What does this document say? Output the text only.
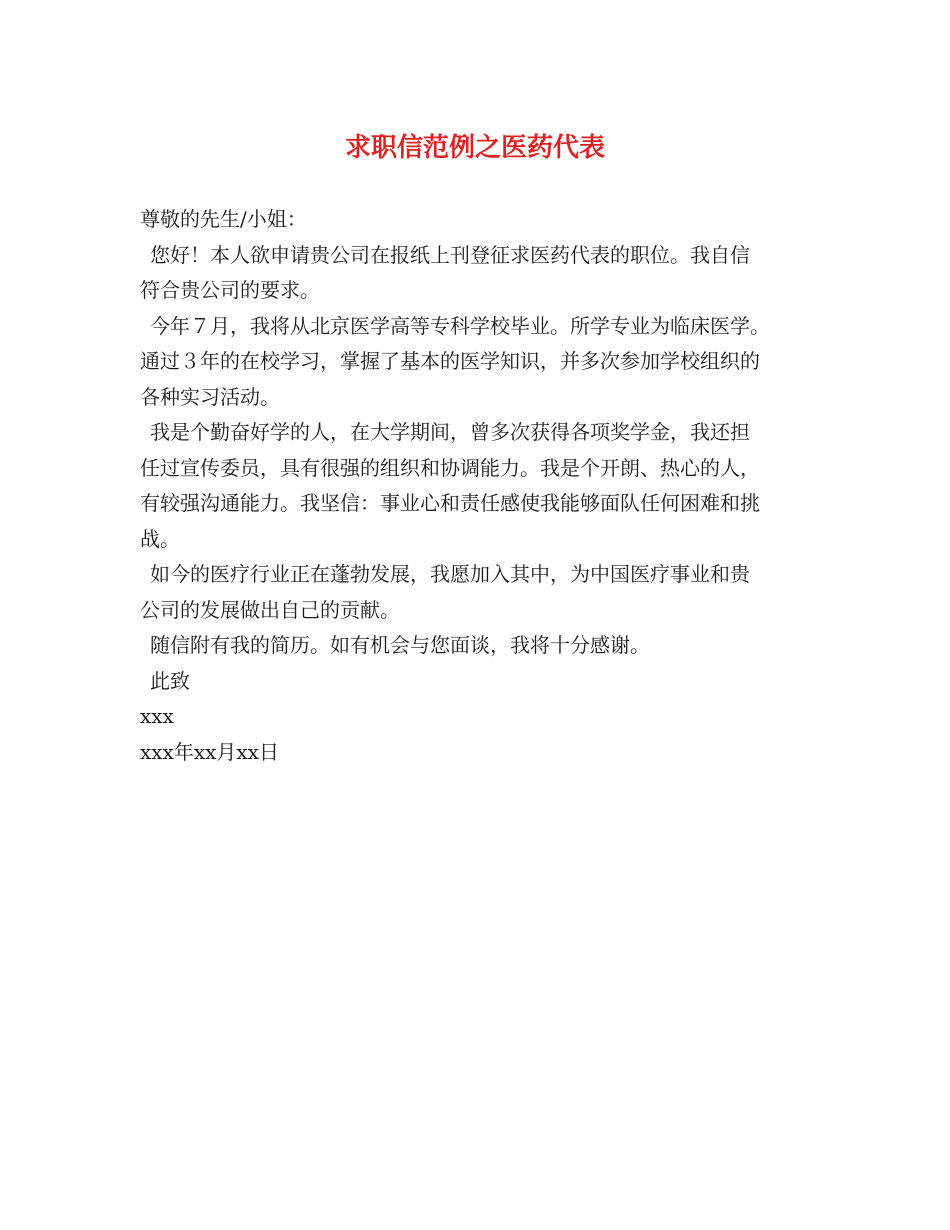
求职信范例之医药代表
尊敬的先生/小姐：
您好！本人欲申请贵公司在报纸上刊登征求医药代表的职位。我自信
符合贵公司的要求。
今年７月，我将从北京医学高等专科学校毕业。所学专业为临床医学。
通过３年的在校学习，掌握了基本的医学知识，并多次参加学校组织的
各种实习活动。
我是个勤奋好学的人，在大学期间，曾多次获得各项奖学金，我还担
任过宣传委员，具有很强的组织和协调能力。我是个开朗、热心的人，
有较强沟通能力。我坚信：事业心和责任感使我能够面队任何困难和挑
战。
如今的医疗行业正在蓬勃发展，我愿加入其中，为中国医疗事业和贵
公司的发展做出自己的贡献。
随信附有我的简历。如有机会与您面谈，我将十分感谢。
此致
xxx
xxx年xx月xx日
